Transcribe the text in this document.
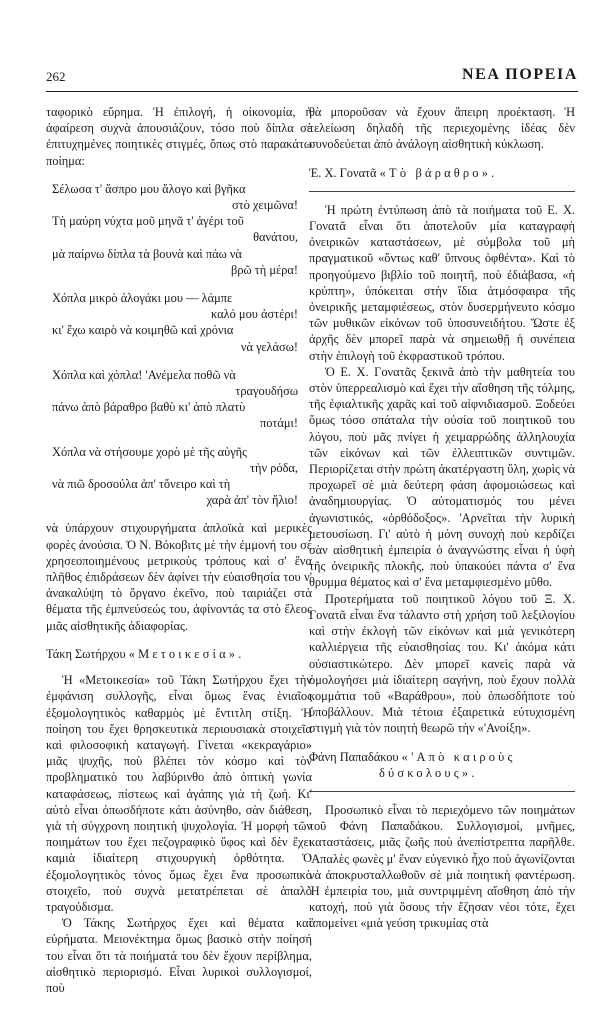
262	ΝΕΑ ΠΟΡΕΙΑ

ταφορικὸ εὕρημα. Ἡ ἐπιλογή, ἡ οἰκονομία, ἡ ἀφαίρεση συχνὰ ἀπουσιάζουν, τόσο ποὺ δίπλα σὲ ἐπιτυχημένες ποιητικὲς στιγμές, ὅπως στὸ παρακάτω ποίημα:

Σέλωσα τ' ἄσπρο μου ἄλογο καὶ βγῆκα
στὸ χειμῶνα!
Τὴ μαύρη νύχτα μοῦ μηνᾶ τ' ἀγέρι τοῦ
θανάτου,
μὰ παίρνω δίπλα τὰ βουνὰ καὶ πάω νὰ
βρῶ τὴ μέρα!
Χόπλα μικρὸ ἀλογάκι μου — λάμπε
καλό μου ἀστέρι!
κι' ἔχω καιρὸ νὰ κοιμηθῶ καὶ χρόνια
νὰ γελάσω!
Χόπλα καὶ χόπλα! 'Ανέμελα ποθῶ νὰ
τραγουδήσω
πάνω ἀπὸ βάραθρο βαθὺ κι' ἀπὸ πλατὺ
ποτάμι!
Χόπλα νὰ στήσουμε χορὸ μὲ τῆς αὐγῆς
τὴν ρόδα,
νὰ πιῶ δροσούλα ἀπ' τὄνειρο καὶ τὴ
χαρὰ ἀπ' τὸν ἥλιο!

νὰ ὑπάρχουν στιχουργήματα ἁπλοϊκὰ καὶ μερικὲς φορὲς ἀνούσια. Ὁ Ν. Βόκοβιτς μὲ τὴν ἐμμονή του σὲ χρησεοποιημένους μετρικοὺς τρόπους καὶ σ' ἕνα πλῆθος ἐπιδράσεων δὲν ἀφίνει τὴν εὐαισθησία του ν' ἀνακαλύψη τὸ ὄργανο ἐκεῖνο, ποὺ ταιριάζει στὰ θέματα τῆς ἐμπνεύσεώς του, ἀφίνοντάς τα στὸ ἔλεος μιᾶς αἰσθητικῆς ἀδιαφορίας.

Τάκη Σωτήρχου «Μετοικεσία».

Ἡ «Μετοικεσία» τοῦ Τάκη Σωτήρχου ἔχει τὴν ἐμφάνιση συλλογῆς, εἶναι ὅμως ἕνας ἑνιαῖος ἐξομολογητικὸς καθαρμὸς μὲ ἔντιτλη στίξη. Ἡ ποίηση του ἔχει θρησκευτικὰ περιουσιακὰ στοιχεῖα καὶ φιλοσοφικὴ καταγωγή. Γίνεται «κεκραγάριο» μιᾶς ψυχῆς, ποὺ βλέπει τὸν κόσμο καὶ τὸν προβληματικὸ του λαβύρινθο ἀπὸ ὀπτικὴ γωνία καταφάσεως, πίστεως καὶ ἀγάπης γιὰ τὴ ζωή. Κι' αὐτὸ εἶναι ὁπωσδήποτε κάτι ἀσύνηθο, σὰν διάθεση, γιὰ τὴ σύγχρονη ποιητικὴ ψυχολογία. Ἡ μορφὴ τῶν ποιημάτων του ἔχει πεζογραφικὸ ὕφος καὶ δὲν ἔχει καμιὰ ἰδιαίτερη στιχουργικὴ ὀρθότητα. Ὁ ἐξομολογητικὸς τόνος ὅμως ἔχει ἕνα προσωπικὸ στοιχεῖο, ποὺ συχνὰ μετατρέπεται σὲ ἁπαλὸ τραγούδισμα.

Ὁ Τάκης Σωτήρχος ἔχει καὶ θέματα καὶ εὑρήματα. Μειονέκτημα ὅμως βασικὸ στὴν ποίησή του εἶναι ὅτι τὰ ποιήματά του δὲν ἔχουν περίβλημα, αἰσθητικὸ περιορισμό. Εἶναι λυρικοὶ συλλογισμοί, ποὺ

θὰ μποροῦσαν νὰ ἔχουν ἄπειρη προέκταση. Ἡ τελείωση δηλαδὴ τῆς περιεχομένης ἰδέας δὲν συνοδεύεται ἀπὸ ἀνάλογη αἰσθητικὴ κύκλωση.

Ἐ. Χ. Γονατᾶ «Τὸ βάραθρο».

Ἡ πρώτη ἐντύπωση ἀπὸ τὰ ποιήματα τοῦ Ε. Χ. Γονατᾶ εἶναι ὅτι ἀποτελοῦν μία καταγραφὴ ὀνειρικῶν καταστάσεων, μὲ σύμβολα τοῦ μὴ πραγματικοῦ «ὄντως καθ' ὕπνους ὀφθέντα». Καὶ τὸ προηγούμενο βιβλίο τοῦ ποιητῆ, ποὺ ἐδιάβασα, «ἡ κρύπτη», ὑπόκειται στὴν ἴδια ἀτμόσφαιρα τῆς ὀνειρικῆς μεταμφιέσεως, στὸν δυσερμήνευτο κόσμο τῶν μυθικῶν εἰκόνων τοῦ ὑποσυνειδήτου. Ὥστε ἐξ ἀρχῆς δὲν μπορεῖ παρὰ νὰ σημειωθῇ ἡ συνέπεια στὴν ἐπιλογὴ τοῦ ἐκφραστικοῦ τρόπου.

Ὁ Ε. Χ. Γονατᾶς ξεκινᾶ ἀπὸ τὴν μαθητεία του στὸν ὑπερρεαλισμὸ καὶ ἔχει τὴν αἴσθηση τῆς τόλμης, τῆς ἐφιαλτικῆς χαρᾶς καὶ τοῦ αἰφνιδιασμοῦ. Ξοδεύει ὅμως τόσο σπάταλα τὴν οὐσία τοῦ ποιητικοῦ του λόγου, ποὺ μᾶς πνίγει ἡ χειμαρρώδης ἀλληλουχία τῶν εἰκόνων καὶ τῶν ἐλλειπτικῶν συντιμῶν. Περιορίζεται στὴν πρώτη ἀκατέργαστη ὕλη, χωρὶς νὰ προχωρεῖ σὲ μιὰ δεύτερη φάση ἀφομοιώσεως καὶ ἀναδημιουργίας. Ὁ αὐτοματισμός του μένει ἀγωνιστικός, «ὀρθόδοξος». 'Αρνεῖται τὴν λυρικὴ μετουσίωση. Γι' αὐτὸ ἡ μόνη συνοχὴ ποὺ κερδίζει σὰν αἰσθητικὴ ἐμπειρία ὁ ἀναγνώστης εἶναι ἡ ὑφὴ τῆς ὀνειρικῆς πλοκῆς, ποὺ ὑπακούει πάντα σ' ἕνα θρυμμα θέματος καὶ σ' ἕνα μεταμφιεσμένο μῦθο.

Προτερήματα τοῦ ποιητικοῦ λόγου τοῦ Ξ. Χ. Γονατᾶ εἶναι ἕνα τάλαντο στὴ χρήση τοῦ λεξιλογίου καὶ στὴν ἐκλογὴ τῶν εἰκόνων καὶ μιὰ γενικότερη καλλιέργεια τῆς εὐαισθησίας του. Κι' ἀκόμα κάτι οὐσιαστικώτερο. Δὲν μπορεῖ κανεὶς παρὰ νὰ ὁμολογήσει μιὰ ἰδιαίτερη σαγήνη, ποὺ ἔχουν πολλὰ κομμάτια τοῦ «Βαράθρου», ποὺ ὁπωσδήποτε τοὺ ὑποβάλλουν. Μιὰ τέτοια ἐξαιρετικὰ εὐτυχισμένη στιγμὴ γιὰ τὸν ποιητὴ θεωρῶ τὴν «'Ανοίξη».

Φάνη Παπαδάκου «'Απὸ καιροὺς
δύσκολους».

Προσωπικὸ εἶναι τὸ περιεχόμενο τῶν ποιημάτων τοῦ Φάνη Παπαδάκου. Συλλογισμοί, μνῆμες, καταστάσεις, μιᾶς ζωῆς ποὺ ἀνεπίστρεπτα παρῆλθε. 'Απαλὲς φωνὲς μ' ἕναν εὐγενικὸ ἦχο ποὺ ἀγωνίζονται νὰ ἀποκρυσταλλωθοῦν σὲ μιὰ ποιητικὴ φαντέρωση. Ἡ ἐμπειρία του, μιὰ συντριμμένη αἴσθηση ἀπὸ τὴν κατοχή, ποὺ γιὰ ὅσους τὴν ἔζησαν νέοι τότε, ἔχει ἀπομείνει «μιὰ γεύση τρικυμίας στὰ
